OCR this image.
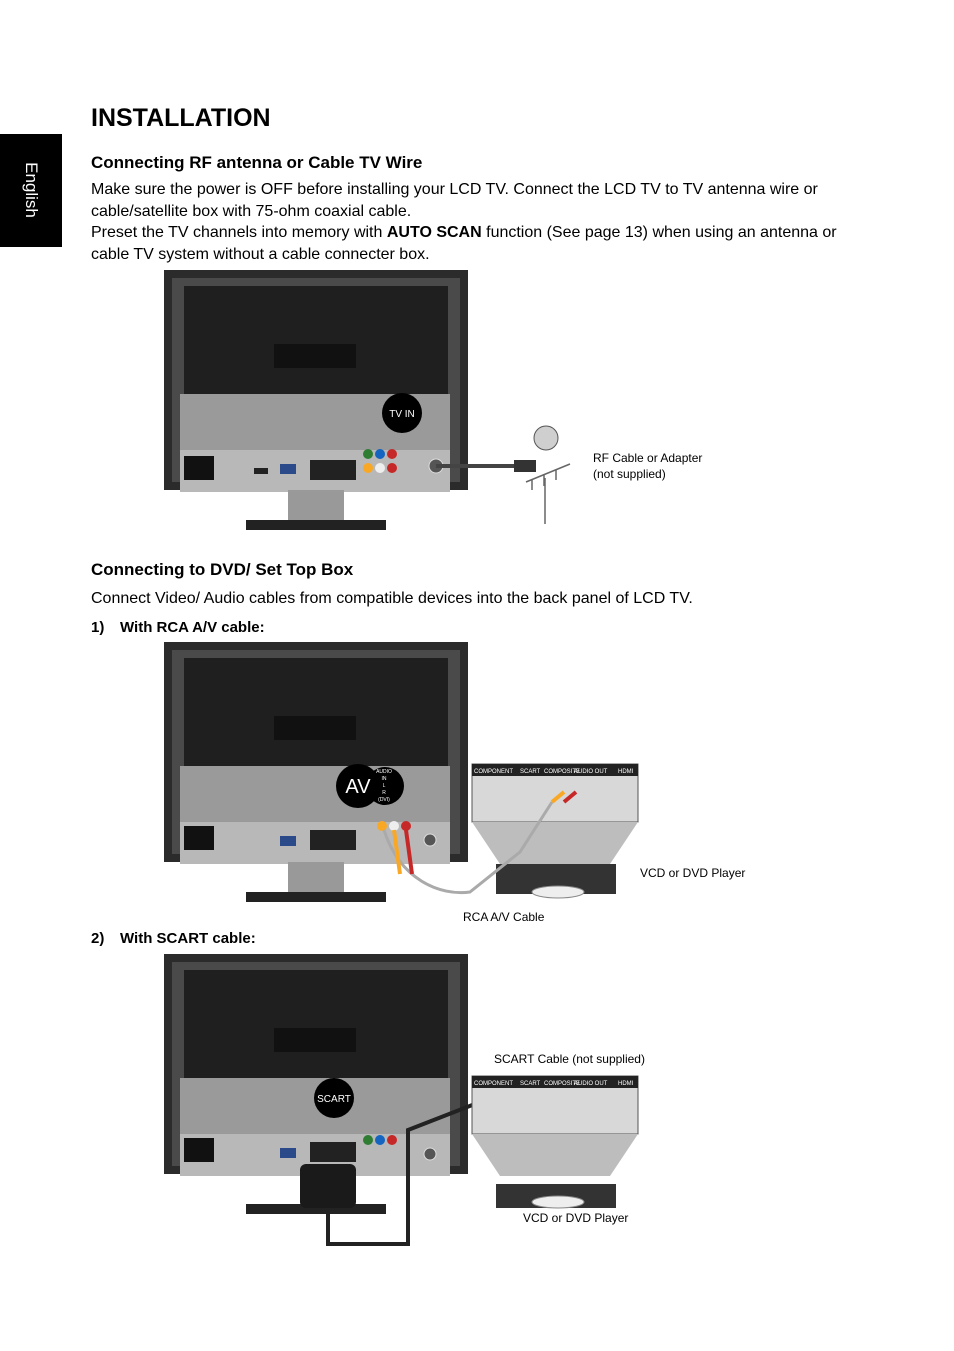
English
INSTALLATION
Connecting RF antenna or Cable TV Wire

Make sure the power is OFF before installing your LCD TV. Connect the LCD TV to TV antenna wire or cable/satellite box with 75-ohm coaxial cable.

Preset the TV channels into memory with AUTO SCAN function (See page 13) when using an antenna or cable TV system without a cable connecter box.

TV IN
RF Cable or Adapter
(not supplied)
Connecting to DVD/ Set Top Box

Connect Video/ Audio cables from compatible devices into the back panel of LCD TV.

1) With RCA A/V cable:

AV
AUDIO
IN
L
R
(DVI)
COMPONENT SCART COMPOSITE
AUDIO OUT HDMI
VCD or DVD Player
RCA A/V Cable

2) With SCART cable:

SCART
COMPONENT SCART COMPOSITE
AUDIO OUT HDMI
SCART Cable (not supplied)
VCD or DVD Player
